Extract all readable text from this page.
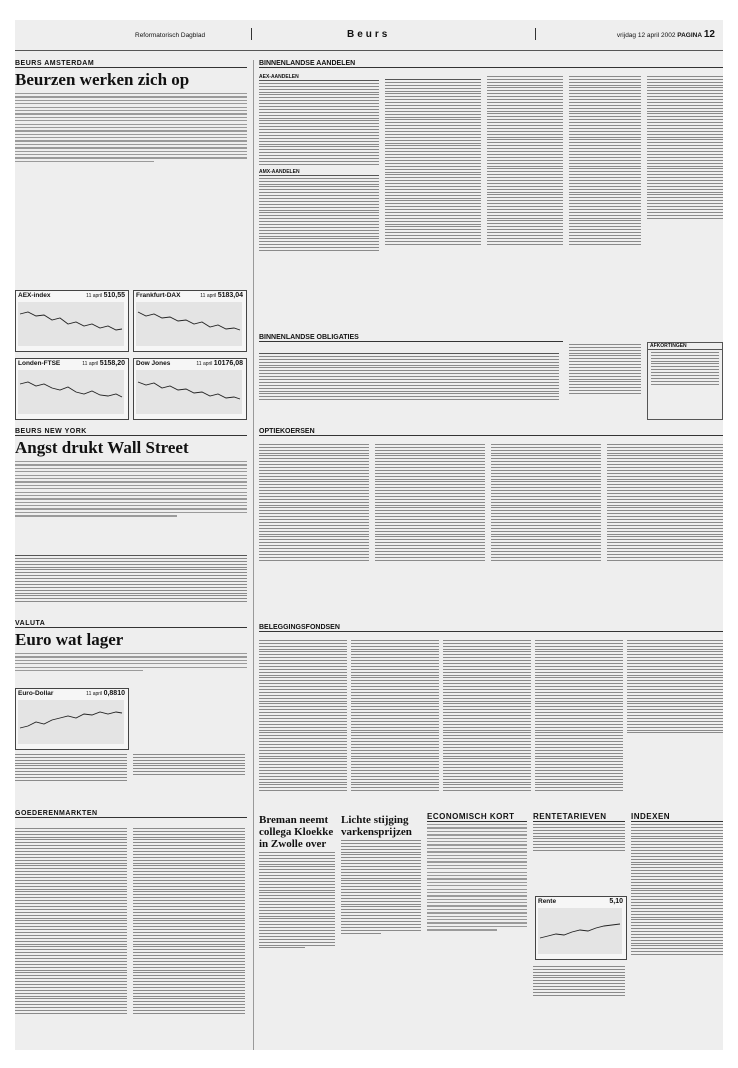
Reformatorisch Dagblad	Beurs	vrijdag 12 april 2002 PAGINA 12
BEURS AMSTERDAM
Beurzen werken zich op
AEX-index	11 april 510,55 Frankfurt-DAX	11 april 5183,04
Londen-FTSE	11 april 5158,20 Dow Jones	11 april 10176,08
BEURS NEW YORK
Angst drukt Wall Street
VALUTA
Euro wat lager
Euro-Dollar	11 april 0,8810
GOEDERENMARKTEN
BINNENLANDSE AANDELEN
AEX-AANDELEN
AMX-AANDELEN
BINNENLANDSE OBLIGATIES
AFKORTINGEN
OPTIEKOERSEN
BELEGGINGSFONDSEN
Breman neemt collega Kloekke in Zwolle over
Lichte stijging varkensprijzen
ECONOMISCH KORT	RENTETARIEVEN
Rente	5,10
INDEXEN
